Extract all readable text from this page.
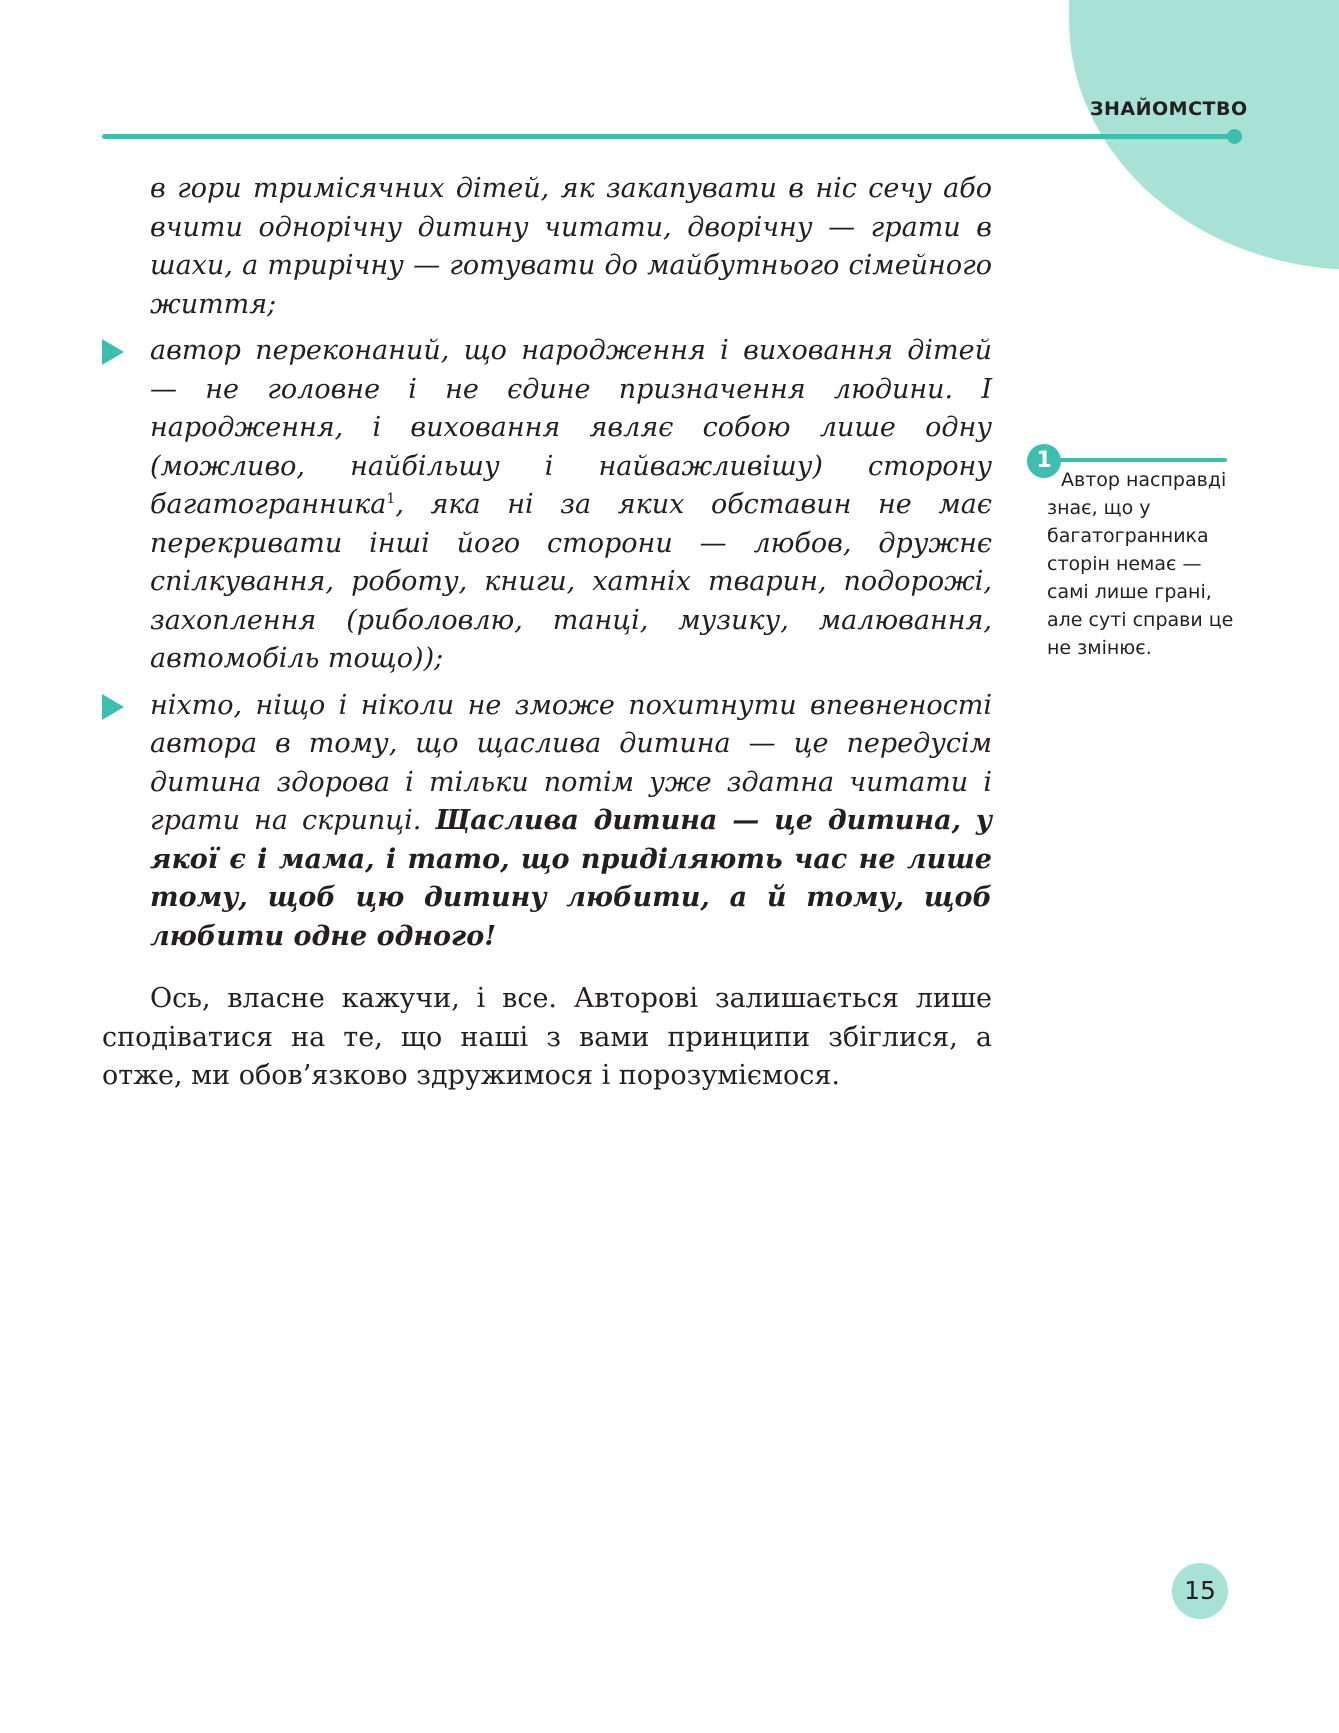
ЗНАЙОМСТВО

в гори тримісячних дітей, як закапувати в ніс сечу або вчити однорічну дитину читати, дворічну — грати в шахи, а трирічну — готувати до майбутнього сімейного життя;

автор переконаний, що народження і виховання дітей — не головне і не єдине призначення людини. І народження, і виховання являє собою лише одну (можливо, найбільшу і найважливішу) сторону багатогранника$^1$, яка ні за яких обставин не має перекривати інші його сторони — любов, дружнє спілкування, роботу, книги, хатніх тварин, подорожі, захоплення (риболовлю, танці, музику, малювання, автомобіль тощо));

ніхто, ніщо і ніколи не зможе похитнути впевненості автора в тому, що щаслива дитина — це передусім дитина здорова і тільки потім уже здатна читати і грати на скрипці. Щаслива дитина — це дитина, у якої є і мама, і тато, що приділяють час не лише тому, щоб цю дитину любити, а й тому, щоб любити одне одного!

Ось, власне кажучи, і все. Авторові залишається лише сподіватися на те, що наші з вами принципи збіглися, а отже, ми обов’язково здружимося і порозуміємося.

1
Автор насправді знає, що у багатогранника сторін немає — самі лише грані, але суті справи це не змінює.
15
